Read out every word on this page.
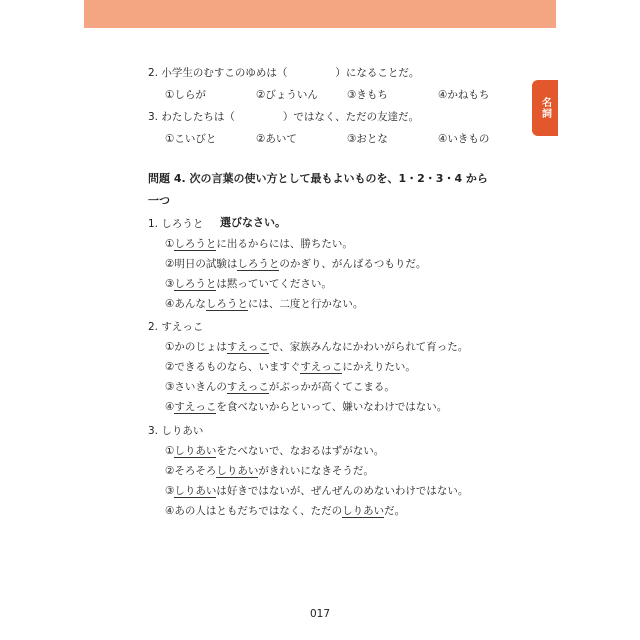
名詞
2. 小学生のむすこのゆめは（	）になることだ。
①しらが	②びょういん	③きもち	④かねもち
3. わたしたちは（	）ではなく、ただの友達だ。
①こいびと	②あいて	③おとな	④いきもの
問題 4. 次の言葉の使い方として最もよいものを、1・2・3・4 から一つ
選びなさい。
1. しろうと
①しろうとに出るからには、勝ちたい。
②明日の試験はしろうとのかぎり、がんばるつもりだ。
③しろうとは黙っていてください。
④あんなしろうとには、二度と行かない。
2. すえっこ
①かのじょはすえっこで、家族みんなにかわいがられて育った。
②できるものなら、いますぐすえっこにかえりたい。
③さいきんのすえっこがぶっかが高くてこまる。
④すえっこを食べないからといって、嫌いなわけではない。
3. しりあい
①しりあいをたべないで、なおるはずがない。
②そろそろしりあいがきれいになきそうだ。
③しりあいは好きではないが、ぜんぜんのめないわけではない。
④あの人はともだちではなく、ただのしりあいだ。
017
